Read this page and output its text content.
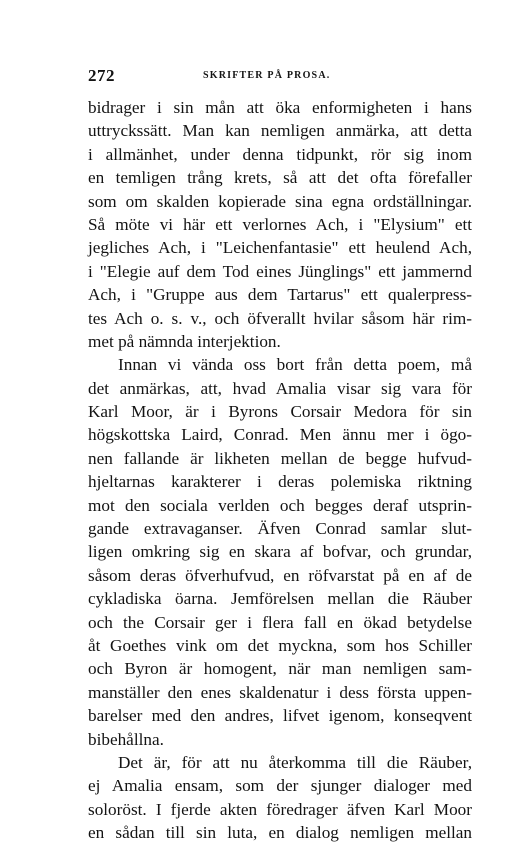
272	SKRIFTER PÅ PROSA.
bidrager i sin mån att öka enformigheten i hans
uttryckssätt. Man kan nemligen anmärka, att detta
i allmänhet, under denna tidpunkt, rör sig inom
en temligen trång krets, så att det ofta förefaller
som om skalden kopierade sina egna ordställningar.
Så möte vi här ett verlornes Ach, i "Elysium" ett
jegliches Ach, i "Leichenfantasie" ett heulend Ach,
i "Elegie auf dem Tod eines Jünglings" ett jammernd
Ach, i "Gruppe aus dem Tartarus" ett qualerpress-
tes Ach o. s. v., och öfverallt hvilar såsom här rim-
met på nämnda interjektion.
Innan vi vända oss bort från detta poem, må
det anmärkas, att, hvad Amalia visar sig vara för
Karl Moor, är i Byrons Corsair Medora för sin
högskottska Laird, Conrad. Men ännu mer i ögo-
nen fallande är likheten mellan de begge hufvud-
hjeltarnas karakterer i deras polemiska riktning
mot den sociala verlden och begges deraf utsprin-
gande extravaganser. Äfven Conrad samlar slut-
ligen omkring sig en skara af bofvar, och grundar,
såsom deras öfverhufvud, en röfvarstat på en af de
cykladiska öarna. Jemförelsen mellan die Räuber
och the Corsair ger i flera fall en ökad betydelse
åt Goethes vink om det myckna, som hos Schiller
och Byron är homogent, när man nemligen sam-
manställer den enes skaldenatur i dess första uppen-
barelser med den andres, lifvet igenom, konseqvent
bibehållna.
Det är, för att nu återkomma till die Räuber,
ej Amalia ensam, som der sjunger dialoger med
soloröst. I fjerde akten föredrager äfven Karl Moor
en sådan till sin luta, en dialog nemligen mellan
